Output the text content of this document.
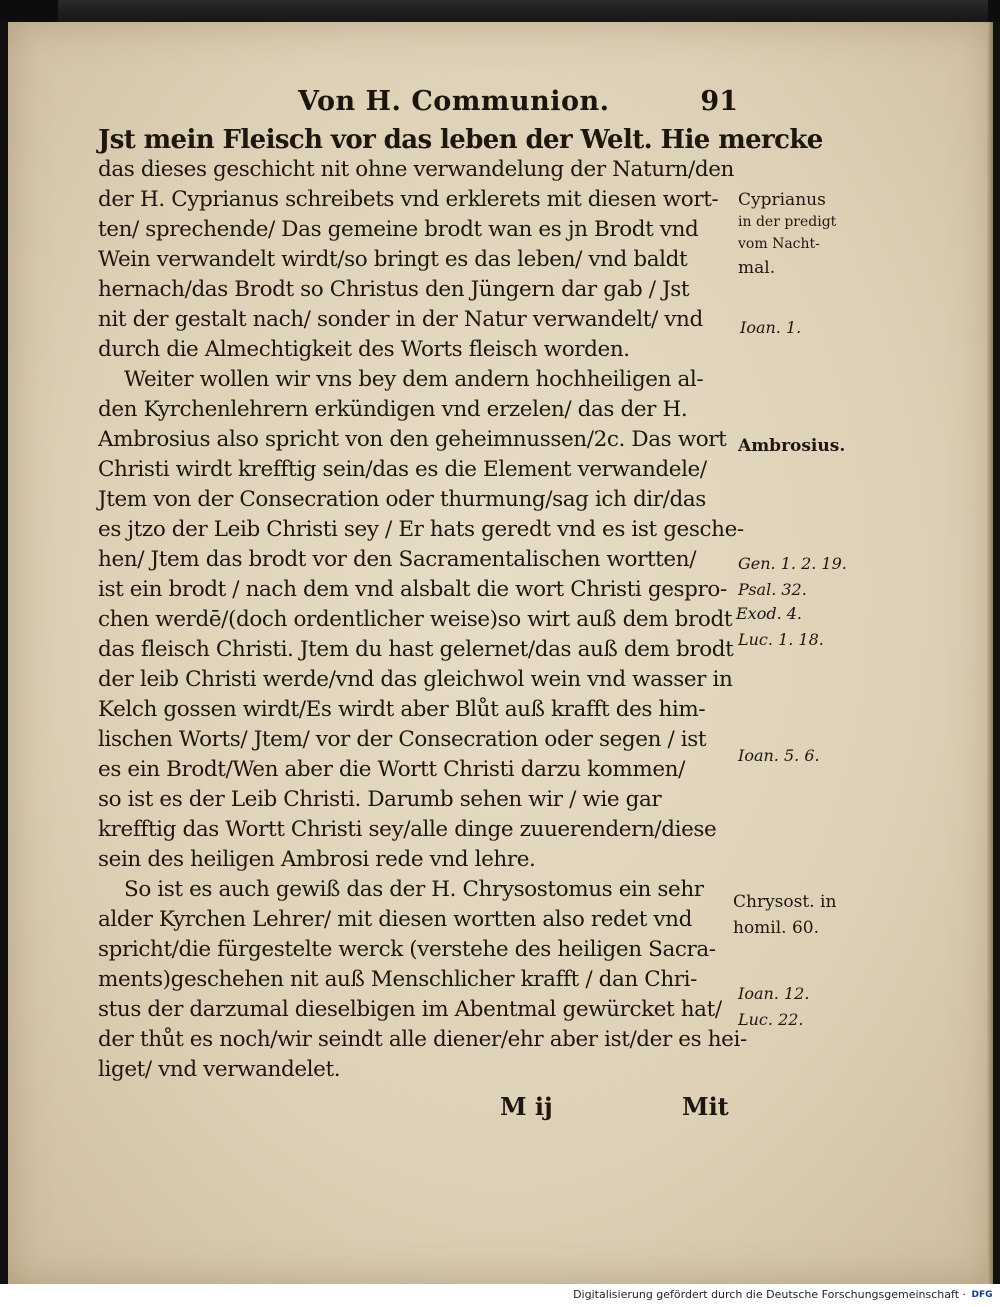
Von H. Communion.	91
Jst mein Fleisch vor das leben der Welt. Hie mercke
das dieses geschicht nit ohne verwandelung der Naturn/den
der H. Cyprianus schreibets vnd erklerets mit diesen wort-
ten/ sprechende/ Das gemeine brodt wan es jn Brodt vnd
Wein verwandelt wirdt/so bringt es das leben/ vnd baldt
hernach/das Brodt so Christus den Jüngern dar gab / Jst
nit der gestalt nach/ sonder in der Natur verwandelt/ vnd
durch die Almechtigkeit des Worts fleisch worden.
Weiter wollen wir vns bey dem andern hochheiligen al-
den Kyrchenlehrern erkündigen vnd erzelen/ das der H.
Ambrosius also spricht von den geheimnussen/2c. Das wort
Christi wirdt krefftig sein/das es die Element verwandele/
Jtem von der Consecration oder thurmung/sag ich dir/das
es jtzo der Leib Christi sey / Er hats geredt vnd es ist gesche-
hen/ Jtem das brodt vor den Sacramentalischen wortten/
ist ein brodt / nach dem vnd alsbalt die wort Christi gespro-
chen werdē/(doch ordentlicher weise)so wirt auß dem brodt
das fleisch Christi. Jtem du hast gelernet/das auß dem brodt
der leib Christi werde/vnd das gleichwol wein vnd wasser in
Kelch gossen wirdt/Es wirdt aber Blůt auß krafft des him-
lischen Worts/ Jtem/ vor der Consecration oder segen / ist
es ein Brodt/Wen aber die Wortt Christi darzu kommen/
so ist es der Leib Christi. Darumb sehen wir / wie gar
krefftig das Wortt Christi sey/alle dinge zuuerendern/diese
sein des heiligen Ambrosi rede vnd lehre.
So ist es auch gewiß das der H. Chrysostomus ein sehr
alder Kyrchen Lehrer/ mit diesen wortten also redet vnd
spricht/die fürgestelte werck (verstehe des heiligen Sacra-
ments)geschehen nit auß Menschlicher krafft / dan Chri-
stus der darzumal dieselbigen im Abentmal gewürcket hat/
der thůt es noch/wir seindt alle diener/ehr aber ist/der es hei-
liget/ vnd verwandelet.
Cyprianus
in der predigt
vom Nacht-
mal.
Ioan. 1.
Ambrosius.
Gen. 1. 2. 19.
Psal. 32.
Exod. 4.
Luc. 1. 18.
Ioan. 5. 6.
Chrysost. in
homil. 60.
Ioan. 12.
Luc. 22.
M ij	Mit
Digitalisierung gefördert durch die Deutsche Forschungsgemeinschaft · DFG
